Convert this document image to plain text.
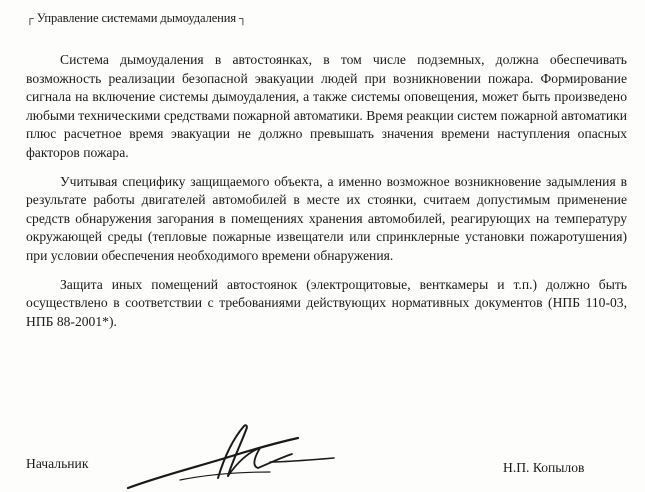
┌ Управление системами дымоудаления ┐

Система дымоудаления в автостоянках, в том числе подземных, должна обеспечивать возможность реализации безопасной эвакуации людей при возникновении пожара. Формирование сигнала на включение системы дымоудаления, а также системы оповещения, может быть произведено любыми техническими средствами пожарной автоматики. Время реакции систем пожарной автоматики плюс расчетное время эвакуации не должно превышать значения времени наступления опасных факторов пожара.

Учитывая специфику защищаемого объекта, а именно возможное возникновение задымления в результате работы двигателей автомобилей в месте их стоянки, считаем допустимым применение средств обнаружения загорания в помещениях хранения автомобилей, реагирующих на температуру окружающей среды (тепловые пожарные извещатели или спринклерные установки пожаротушения) при условии обеспечения необходимого времени обнаружения.

Защита иных помещений автостоянок (электрощитовые, венткамеры и т.п.) должно быть осуществлено в соответствии с требованиями действующих нормативных документов (НПБ 110-03, НПБ 88-2001*).

Начальник	Н.П. Копылов
